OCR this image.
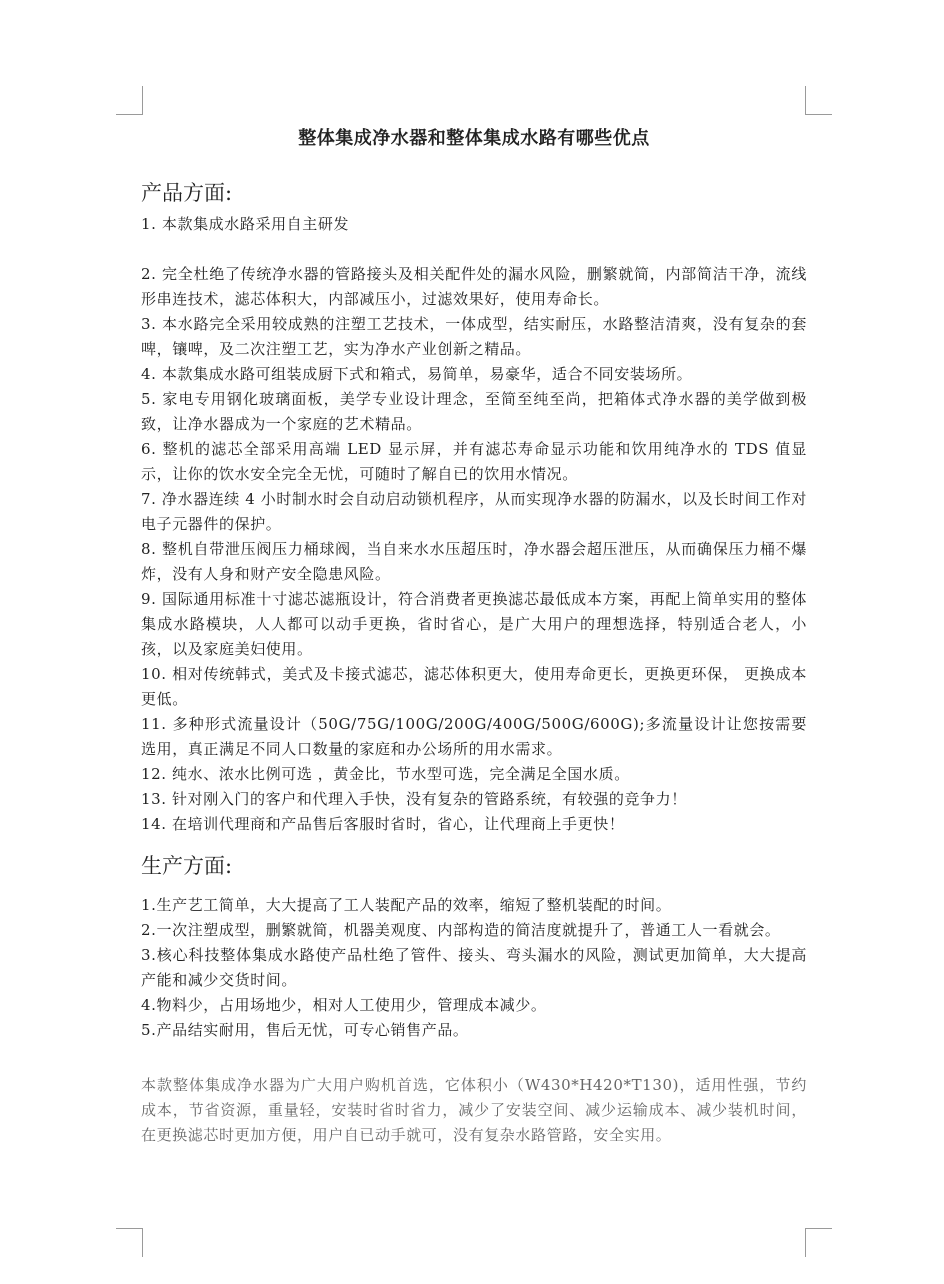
整体集成净水器和整体集成水路有哪些优点
产品方面:

1. 本款集成水路采用自主研发

2. 完全杜绝了传统净水器的管路接头及相关配件处的漏水风险，删繁就简，内部简洁干净，流线形串连技术，滤芯体积大，内部减压小，过滤效果好，使用寿命长。

3. 本水路完全采用较成熟的注塑工艺技术，一体成型，结实耐压，水路整洁清爽，没有复杂的套啤，镶啤，及二次注塑工艺，实为净水产业创新之精品。

4. 本款集成水路可组装成厨下式和箱式，易简单，易豪华，适合不同安装场所。

5. 家电专用钢化玻璃面板，美学专业设计理念，至简至纯至尚，把箱体式净水器的美学做到极致，让净水器成为一个家庭的艺术精品。

6. 整机的滤芯全部采用高端 LED 显示屏，并有滤芯寿命显示功能和饮用纯净水的 TDS 值显示，让你的饮水安全完全无忧，可随时了解自已的饮用水情况。

7. 净水器连续 4 小时制水时会自动启动锁机程序，从而实现净水器的防漏水，以及长时间工作对电子元器件的保护。

8. 整机自带泄压阀压力桶球阀，当自来水水压超压时，净水器会超压泄压，从而确保压力桶不爆炸，没有人身和财产安全隐患风险。

9. 国际通用标准十寸滤芯滤瓶设计，符合消费者更换滤芯最低成本方案，再配上简单实用的整体集成水路模块，人人都可以动手更换，省时省心，是广大用户的理想选择，特别适合老人，小孩，以及家庭美妇使用。

10. 相对传统韩式，美式及卡接式滤芯，滤芯体积更大，使用寿命更长，更换更环保， 更换成本更低。

11. 多种形式流量设计（50G/75G/100G/200G/400G/500G/600G);多流量设计让您按需要选用，真正满足不同人口数量的家庭和办公场所的用水需求。

12. 纯水、浓水比例可选 ，黄金比，节水型可选，完全满足全国水质。

13. 针对刚入门的客户和代理入手快，没有复杂的管路系统，有较强的竞争力！

14. 在培训代理商和产品售后客服时省时，省心，让代理商上手更快！

生产方面:

1.生产艺工简单，大大提高了工人装配产品的效率，缩短了整机装配的时间。

2.一次注塑成型，删繁就简，机器美观度、内部构造的简洁度就提升了，普通工人一看就会。

3.核心科技整体集成水路使产品杜绝了管件、接头、弯头漏水的风险，测试更加简单，大大提高产能和减少交货时间。

4.物料少，占用场地少，相对人工使用少，管理成本减少。

5.产品结实耐用，售后无忧，可专心销售产品。

本款整体集成净水器为广大用户购机首选，它体积小（W430*H420*T130)，适用性强，节约成本，节省资源，重量轻，安装时省时省力，减少了安装空间、减少运输成本、减少装机时间，在更换滤芯时更加方便，用户自已动手就可，没有复杂水路管路，安全实用。
